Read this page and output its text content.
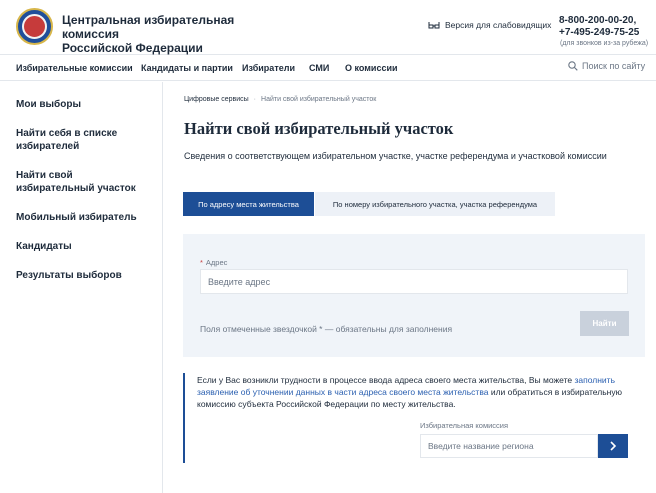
Центральная избирательная комиссия
Российской Федерации
Версия для слабовидящих 8-800-200-00-20,
+7-495-249-75-25
(для звонков из-за рубежа)
Избирательные комиссии Кандидаты и партии Избиратели СМИ О комиссии	Поиск по сайту
Мои выборы
Найти себя в списке избирателей
Найти свой избирательный участок
Мобильный избиратель
Кандидаты
Результаты выборов
Цифровые сервисы · Найти свой избирательный участок
Найти свой избирательный участок
Сведения о соответствующем избирательном участке, участке референдума и участковой комиссии
По адресу места жительства	По номеру избирательного участка, участка референдума
* Адрес
Введите адрес
Поля отмеченные звездочкой * — обязательны для заполнения
Найти
Если у Вас возникли трудности в процессе ввода адреса своего места жительства, Вы можете заполнить заявление об уточнении данных в части адреса своего места жительства или обратиться в избирательную комиссию субъекта Российской Федерации по месту жительства.
Избирательная комиссия
Введите название региона
